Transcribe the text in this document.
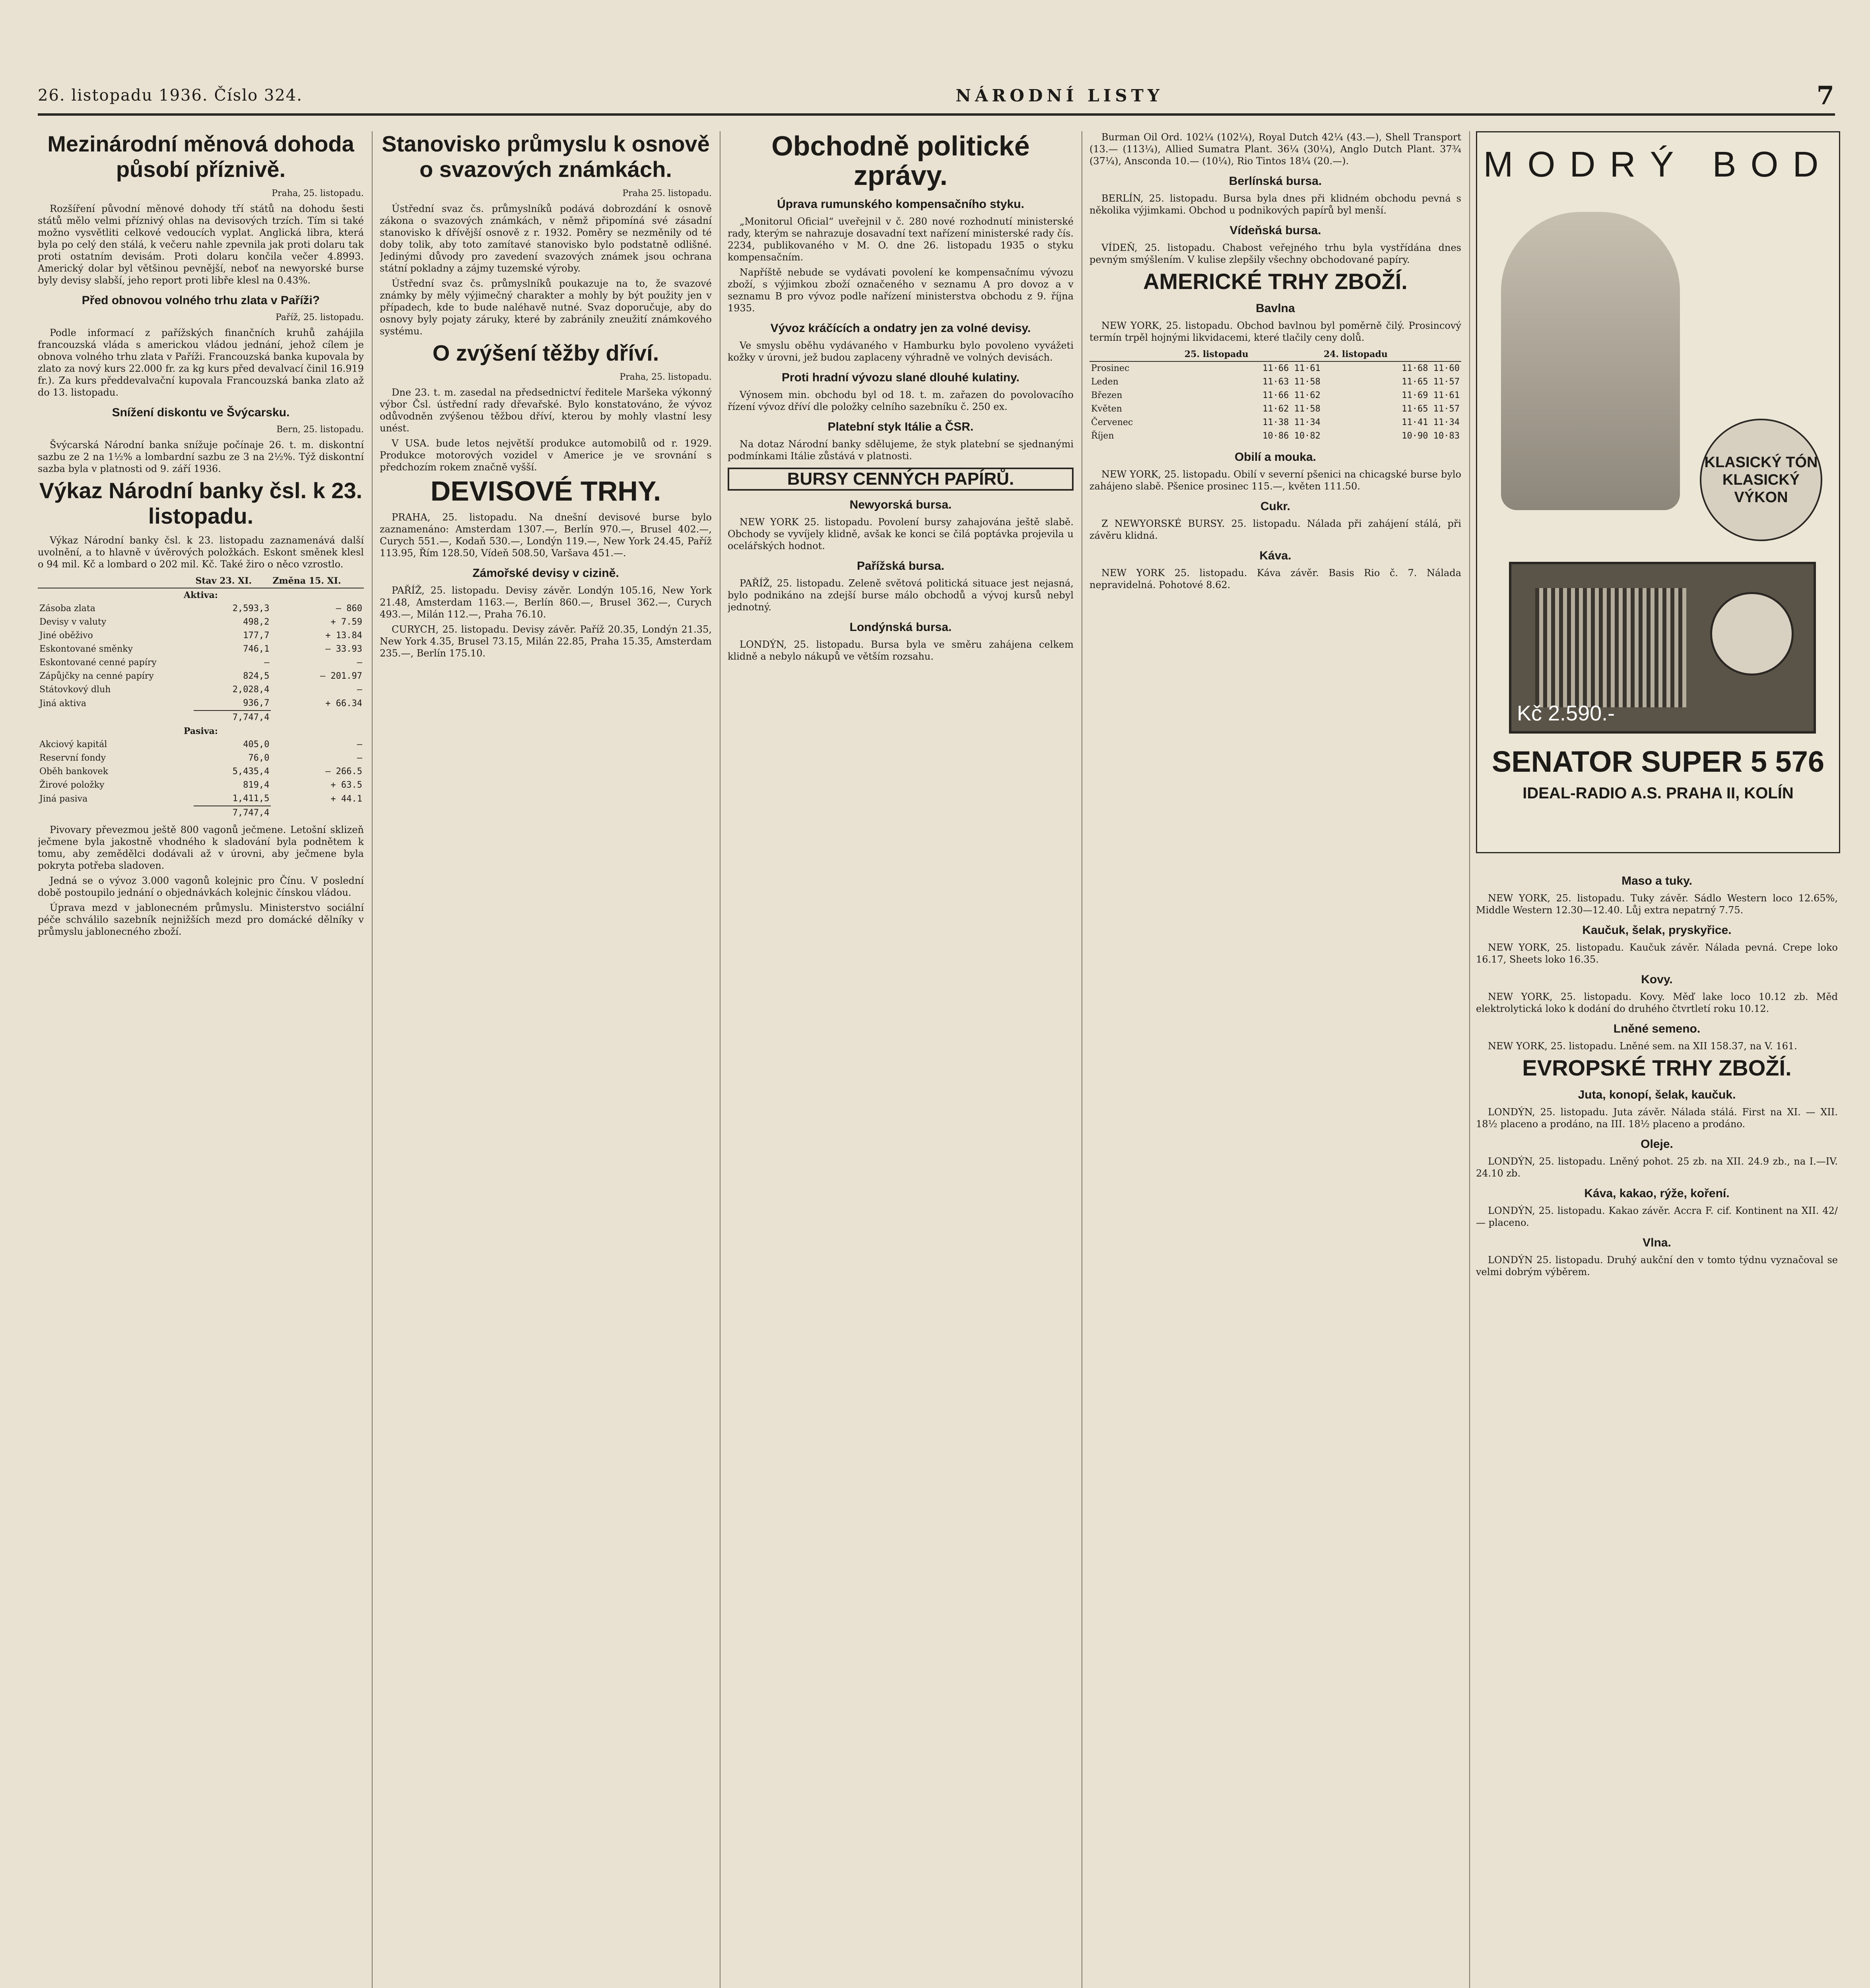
26. listopadu 1936. Číslo 324.	NÁRODNÍ LISTY	7
Mezinárodní měnová dohoda působí příznivě.
Praha, 25. listopadu.

Rozšíření původní měnové dohody tří států na dohodu šesti států mělo velmi příznivý ohlas na devisových trzích. Tím si také možno vysvětliti celkové vedoucích vyplat. Anglická libra, která byla po celý den stálá, k večeru nahle zpevnila jak proti dolaru tak proti ostatním devisám. Proti dolaru končila večer 4.8993. Americký dolar byl většinou pevnější, neboť na newyorské burse byly devisy slabší, jeho report proti libře klesl na 0.43%.

Před obnovou volného trhu zlata v Paříži?
Paříž, 25. listopadu.

Podle informací z pařížských finančních kruhů zahájila francouzská vláda s americkou vládou jednání, jehož cílem je obnova volného trhu zlata v Paříži. Francouzská banka kupovala by zlato za nový kurs 22.000 fr. za kg kurs před devalvací činil 16.919 fr.). Za kurs předdevalvační kupovala Francouzská banka zlato až do 13. listopadu.

Snížení diskontu ve Švýcarsku.
Bern, 25. listopadu.

Švýcarská Národní banka snížuje počínaje 26. t. m. diskontní sazbu ze 2 na 1½% a lombardní sazbu ze 3 na 2½%. Týž diskontní sazba byla v platnosti od 9. září 1936.

Výkaz Národní banky čsl. k 23. listopadu.

Výkaz Národní banky čsl. k 23. listopadu zaznamenává další uvolnění, a to hlavně v úvěrových položkách. Eskont směnek klesl o 94 mil. Kč a lombard o 202 mil. Kč. Také žiro o něco vzrostlo.

	Stav 23. XI.	Změna 15. XI.
Aktiva:		
Zásoba zlata	2,593,3	— 860
Devisy v valuty	498,2	+ 7.59
Jiné oběživo	177,7	+ 13.84
Eskontované směnky	746,1	— 33.93
Eskontované cenné papíry	—	—
Zápůjčky na cenné papíry	824,5	— 201.97
Státovkový dluh	2,028,4	—
Jiná aktiva	936,7	+ 66.34
	7,747,4	
Pasiva:		
Akciový kapitál	405,0	—
Reservní fondy	76,0	—
Oběh bankovek	5,435,4	— 266.5
Žirové položky	819,4	+ 63.5
Jiná pasiva	1,411,5	+ 44.1
	7,747,4	

Pivovary převezmou ještě 800 vagonů ječmene. Letošní sklizeň ječmene byla jakostně vhodného k sladování byla podnětem k tomu, aby zemědělci dodávali až v úrovni, aby ječmene byla pokryta potřeba sladoven.

Jedná se o vývoz 3.000 vagonů kolejnic pro Čínu. V poslední době postoupilo jednání o objednávkách kolejnic čínskou vládou.

Úprava mezd v jablonecném průmyslu. Ministerstvo sociální péče schválilo sazebník nejnižších mezd pro domácké dělníky v průmyslu jablonecného zboží.

Stanovisko průmyslu k osnově o svazových známkách.
Praha 25. listopadu.

Ústřední svaz čs. průmyslníků podává dobrozdání k osnově zákona o svazových známkách, v němž připomíná své zásadní stanovisko k dřívější osnově z r. 1932. Poměry se nezměnily od té doby tolik, aby toto zamítavé stanovisko bylo podstatně odlišné. Jedinými důvody pro zavedení svazových známek jsou ochrana státní pokladny a zájmy tuzemské výroby.

Ústřední svaz čs. průmyslníků poukazuje na to, že svazové známky by měly výjimečný charakter a mohly by být použity jen v případech, kde to bude naléhavě nutné. Svaz doporučuje, aby do osnovy byly pojaty záruky, které by zabránily zneužití známkového systému.

O zvýšení těžby dříví.
Praha, 25. listopadu.

Dne 23. t. m. zasedal na předsednictví ředitele Maršeka výkonný výbor Čsl. ústřední rady dřevařské. Bylo konstatováno, že vývoz odůvodněn zvýšenou těžbou dříví, kterou by mohly vlastní lesy unést.

V USA. bude letos největší produkce automobilů od r. 1929. Produkce motorových vozidel v Americe je ve srovnání s předchozím rokem značně vyšší.

DEVISOVÉ TRHY.

PRAHA, 25. listopadu. Na dnešní devisové burse bylo zaznamenáno: Amsterdam 1307.—, Berlín 970.—, Brusel 402.—, Curych 551.—, Kodaň 530.—, Londýn 119.—, New York 24.45, Paříž 113.95, Řím 128.50, Vídeň 508.50, Varšava 451.—.

Zámořské devisy v cizině.

PAŘÍŽ, 25. listopadu. Devisy závěr. Londýn 105.16, New York 21.48, Amsterdam 1163.—, Berlín 860.—, Brusel 362.—, Curych 493.—, Milán 112.—, Praha 76.10.

CURYCH, 25. listopadu. Devisy závěr. Paříž 20.35, Londýn 21.35, New York 4.35, Brusel 73.15, Milán 22.85, Praha 15.35, Amsterdam 235.—, Berlín 175.10.

Obchodně politické zprávy.
Úprava rumunského kompensačního styku.

„Monitorul Oficial“ uveřejnil v č. 280 nové rozhodnutí ministerské rady, kterým se nahrazuje dosavadní text nařízení ministerské rady čís. 2234, publikovaného v M. O. dne 26. listopadu 1935 o styku kompensačním.

Napříště nebude se vydávati povolení ke kompensačnímu vývozu zboží, s výjimkou zboží označeného v seznamu A pro dovoz a v seznamu B pro vývoz podle nařízení ministerstva obchodu z 9. října 1935.

Vývoz kráčících a ondatry jen za volné devisy.

Ve smyslu oběhu vydávaného v Hamburku bylo povoleno vyvážeti kožky v úrovni, jež budou zaplaceny výhradně ve volných devisách.

Proti hradní vývozu slané dlouhé kulatiny.

Výnosem min. obchodu byl od 18. t. m. zařazen do povolovacího řízení vývoz dříví dle položky celního sazebníku č. 250 ex.

Platební styk Itálie a ČSR.

Na dotaz Národní banky sdělujeme, že styk platební se sjednanými podmínkami Itálie zůstává v platnosti.

BURSY CENNÝCH PAPÍRŮ.
Newyorská bursa.

NEW YORK 25. listopadu. Povolení bursy zahajována ještě slabě. Obchody se vyvíjely klidně, avšak ke konci se čilá poptávka projevila u ocelářských hodnot.

Pařížská bursa.

PAŘÍŽ, 25. listopadu. Zeleně světová politická situace jest nejasná, bylo podnikáno na zdejší burse málo obchodů a vývoj kursů nebyl jednotný.

Londýnská bursa.

LONDÝN, 25. listopadu. Bursa byla ve směru zahájena celkem klidně a nebylo nákupů ve větším rozsahu.

Burman Oil Ord. 102¼ (102¼), Royal Dutch 42¼ (43.—), Shell Transport (13.— (113¼), Allied Sumatra Plant. 36¼ (30¼), Anglo Dutch Plant. 37¾ (37¼), Ansconda 10.— (10¼), Rio Tintos 18¼ (20.—).

Berlínská bursa.

BERLÍN, 25. listopadu. Bursa byla dnes při klidném obchodu pevná s několika výjimkami. Obchod u podnikových papírů byl menší.

Vídeňská bursa.

VÍDEŇ, 25. listopadu. Chabost veřejného trhu byla vystřídána dnes pevným smýšlením. V kulise zlepšily všechny obchodované papíry.

AMERICKÉ TRHY ZBOŽÍ.
Bavlna

NEW YORK, 25. listopadu. Obchod bavlnou byl poměrně čilý. Prosincový termín trpěl hojnými likvidacemi, které tlačily ceny dolů.

	25. listopadu	24. listopadu
Prosinec	11·66 11·61	11·68 11·60
Leden	11·63 11·58	11·65 11·57
Březen	11·66 11·62	11·69 11·61
Květen	11·62 11·58	11·65 11·57
Červenec	11·38 11·34	11·41 11·34
Říjen	10·86 10·82	10·90 10·83
Obilí a mouka.

NEW YORK, 25. listopadu. Obilí v severní pšenici na chicagské burse bylo zahájeno slabě. Pšenice prosinec 115.—, květen 111.50.

Cukr.

Z NEWYORSKÉ BURSY. 25. listopadu. Nálada při zahájení stálá, při závěru klidná.

Káva.

NEW YORK 25. listopadu. Káva závěr. Basis Rio č. 7. Nálada nepravidelná. Pohotové 8.62.

MODRÝ BOD
KLASICKÝ TÓN KLASICKÝ VÝKON
Kč 2.590.-
SENATOR SUPER 5 576
IDEAL-RADIO A.S. PRAHA II, KOLÍN
Maso a tuky.

NEW YORK, 25. listopadu. Tuky závěr. Sádlo Western loco 12.65%, Middle Western 12.30—12.40. Lůj extra nepatrný 7.75.

Kaučuk, šelak, pryskyřice.

NEW YORK, 25. listopadu. Kaučuk závěr. Nálada pevná. Crepe loko 16.17, Sheets loko 16.35.

Kovy.

NEW YORK, 25. listopadu. Kovy. Měď lake loco 10.12 zb. Měď elektrolytická loko k dodání do druhého čtvrtletí roku 10.12.

Lněné semeno.

NEW YORK, 25. listopadu. Lněné sem. na XII 158.37, na V. 161.

EVROPSKÉ TRHY ZBOŽÍ.
Juta, konopí, šelak, kaučuk.

LONDÝN, 25. listopadu. Juta závěr. Nálada stálá. First na XI. — XII. 18½ placeno a prodáno, na III. 18½ placeno a prodáno.

Oleje.

LONDÝN, 25. listopadu. Lněný pohot. 25 zb. na XII. 24.9 zb., na I.—IV. 24.10 zb.

Káva, kakao, rýže, koření.

LONDÝN, 25. listopadu. Kakao závěr. Accra F. cif. Kontinent na XII. 42/— placeno.

Vlna.

LONDÝN 25. listopadu. Druhý aukční den v tomto týdnu vyznačoval se velmi dobrým výběrem.
